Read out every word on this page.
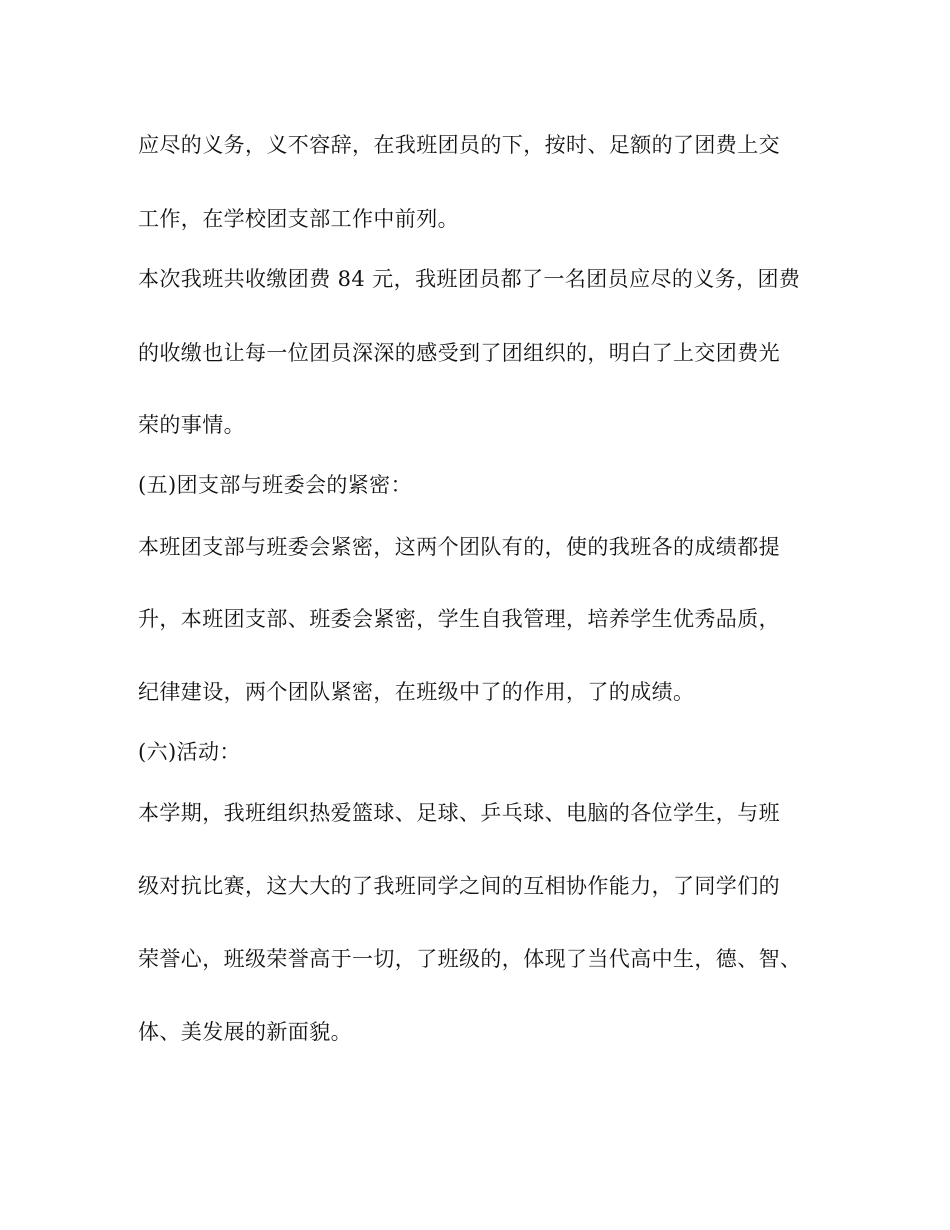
应尽的义务，义不容辞，在我班团员的下，按时、足额的了团费上交

工作，在学校团支部工作中前列。

本次我班共收缴团费 84 元，我班团员都了一名团员应尽的义务，团费

的收缴也让每一位团员深深的感受到了团组织的，明白了上交团费光

荣的事情。

(五)团支部与班委会的紧密：

本班团支部与班委会紧密，这两个团队有的，使的我班各的成绩都提

升，本班团支部、班委会紧密，学生自我管理，培养学生优秀品质，

纪律建设，两个团队紧密，在班级中了的作用，了的成绩。

(六)活动：

本学期，我班组织热爱篮球、足球、乒乓球、电脑的各位学生，与班

级对抗比赛，这大大的了我班同学之间的互相协作能力，了同学们的

荣誉心，班级荣誉高于一切，了班级的，体现了当代高中生，德、智、

体、美发展的新面貌。
